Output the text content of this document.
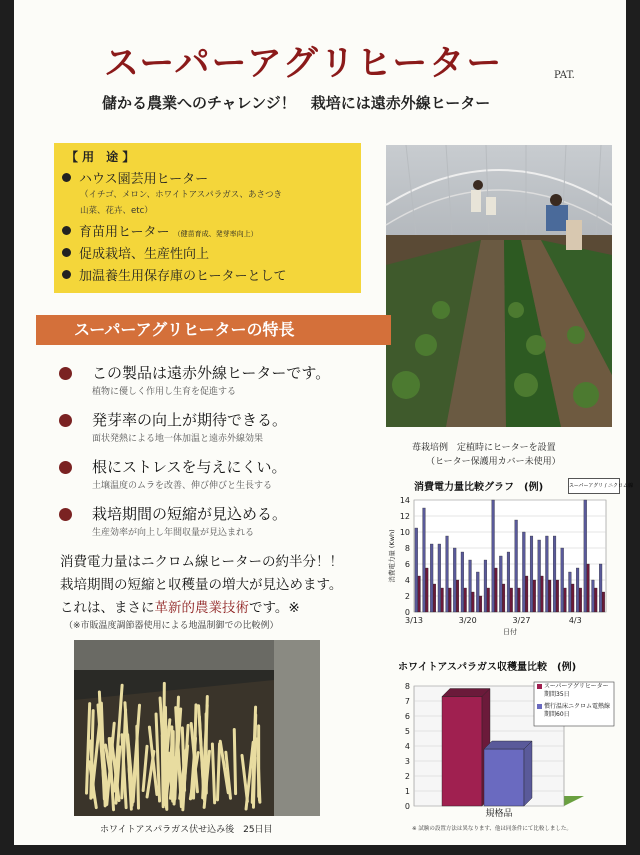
スーパーアグリヒーター	PAT.
儲かる農業へのチャレンジ！　栽培には遠赤外線ヒーター
【 用　途 】
ハウス園芸用ヒーター
（イチゴ、メロン、ホワイトアスパラガス、あさつき
山菜、花卉、etc）
育苗用ヒーター （健苗育成、発芽率向上）
促成栽培、生産性向上
加温養生用保存庫のヒーターとして
苺栽培例　定植時にヒーターを設置
（ヒーター保護用カバー未使用）
スーパーアグリヒーターの特長
この製品は遠赤外線ヒーターです。
植物に優しく作用し生育を促進する
発芽率の向上が期待できる。
面状発熱による地一体加温と遠赤外線効果
根にストレスを与えにくい。
土壌温度のムラを改善、伸び伸びと生長する
栽培期間の短縮が見込める。
生産効率が向上し年間収量が見込まれる
消費電力量はニクロム線ヒーターの約半分！！
栽培期間の短縮と収穫量の増大が見込めます。
これは、まさに革新的農業技術です。※
（※市販温度調節器使用による地温制御での比較例）
ホワイトアスパラガス伏せ込み後　25日目
消費電力量比較グラフ　(例)	スーパーアグリ / ニクロム線
0
2
4
6
8
10
12
14
3/13	3/20	3/27	4/3
日付
消費電力量 (Kwh)
ホワイトアスパラガス収穫量比較　(例)
0
1
2
3
4
5
6
7
8	スーパーアグリヒーター
期間35日
慣行温床ニクロム電熱線
期間60日
規格品
※ 試験の設置方法は異なります、他は同条件にて比較しました。
